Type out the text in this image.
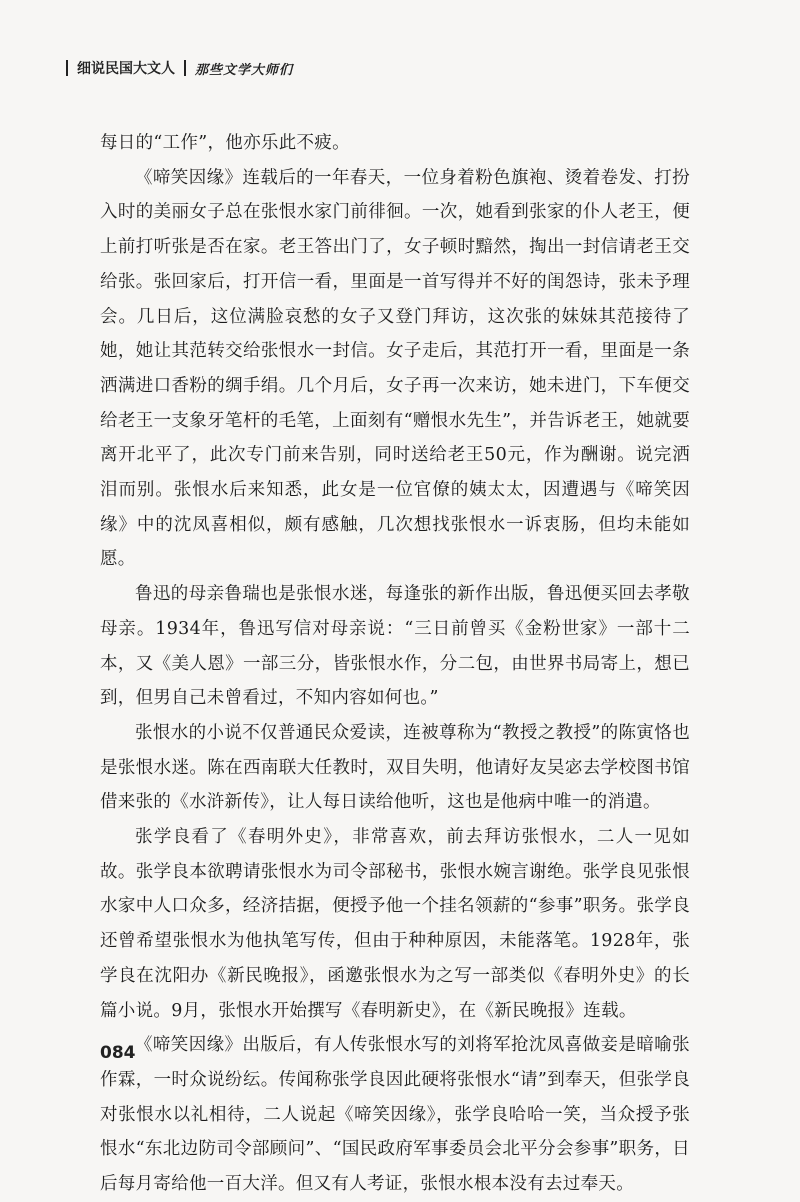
细说民国大文人 那些文学大师们

每日的“工作”，他亦乐此不疲。

《啼笑因缘》连载后的一年春天，一位身着粉色旗袍、烫着卷发、打扮入时的美丽女子总在张恨水家门前徘徊。一次，她看到张家的仆人老王，便上前打听张是否在家。老王答出门了，女子顿时黯然，掏出一封信请老王交给张。张回家后，打开信一看，里面是一首写得并不好的闺怨诗，张未予理会。几日后，这位满脸哀愁的女子又登门拜访，这次张的妹妹其范接待了她，她让其范转交给张恨水一封信。女子走后，其范打开一看，里面是一条洒满进口香粉的绸手绢。几个月后，女子再一次来访，她未进门，下车便交给老王一支象牙笔杆的毛笔，上面刻有“赠恨水先生”，并告诉老王，她就要离开北平了，此次专门前来告别，同时送给老王50元，作为酬谢。说完洒泪而别。张恨水后来知悉，此女是一位官僚的姨太太，因遭遇与《啼笑因缘》中的沈凤喜相似，颇有感触，几次想找张恨水一诉衷肠，但均未能如愿。

鲁迅的母亲鲁瑞也是张恨水迷，每逢张的新作出版，鲁迅便买回去孝敬母亲。1934年，鲁迅写信对母亲说：“三日前曾买《金粉世家》一部十二本，又《美人恩》一部三分，皆张恨水作，分二包，由世界书局寄上，想已到，但男自己未曾看过，不知内容如何也。”

张恨水的小说不仅普通民众爱读，连被尊称为“教授之教授”的陈寅恪也是张恨水迷。陈在西南联大任教时，双目失明，他请好友吴宓去学校图书馆借来张的《水浒新传》，让人每日读给他听，这也是他病中唯一的消遣。

张学良看了《春明外史》，非常喜欢，前去拜访张恨水，二人一见如故。张学良本欲聘请张恨水为司令部秘书，张恨水婉言谢绝。张学良见张恨水家中人口众多，经济拮据，便授予他一个挂名领薪的“参事”职务。张学良还曾希望张恨水为他执笔写传，但由于种种原因，未能落笔。1928年，张学良在沈阳办《新民晚报》，函邀张恨水为之写一部类似《春明外史》的长篇小说。9月，张恨水开始撰写《春明新史》，在《新民晚报》连载。

《啼笑因缘》出版后，有人传张恨水写的刘将军抢沈凤喜做妾是暗喻张作霖，一时众说纷纭。传闻称张学良因此硬将张恨水“请”到奉天，但张学良对张恨水以礼相待，二人说起《啼笑因缘》，张学良哈哈一笑，当众授予张恨水“东北边防司令部顾问”、“国民政府军事委员会北平分会参事”职务，日后每月寄给他一百大洋。但又有人考证，张恨水根本没有去过奉天。

084
